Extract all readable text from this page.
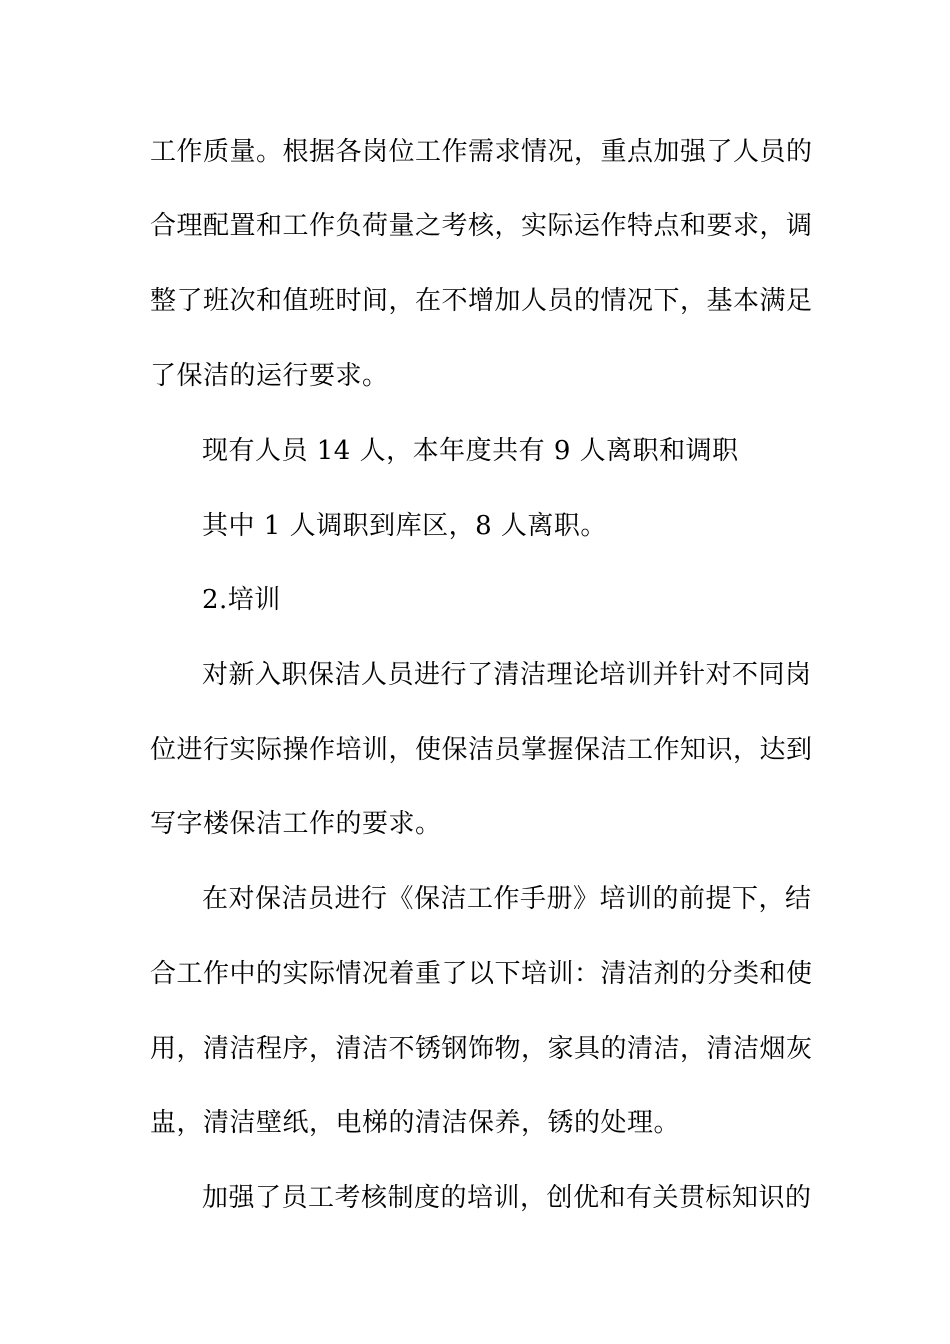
工作质量。根据各岗位工作需求情况，重点加强了人员的
合理配置和工作负荷量之考核，实际运作特点和要求，调
整了班次和值班时间，在不增加人员的情况下，基本满足
了保洁的运行要求。
现有人员 14 人，本年度共有 9 人离职和调职
其中 1 人调职到库区，8 人离职。
2.培训
对新入职保洁人员进行了清洁理论培训并针对不同岗
位进行实际操作培训，使保洁员掌握保洁工作知识，达到
写字楼保洁工作的要求。
在对保洁员进行《保洁工作手册》培训的前提下，结
合工作中的实际情况着重了以下培训：清洁剂的分类和使
用，清洁程序，清洁不锈钢饰物，家具的清洁，清洁烟灰
盅，清洁壁纸，电梯的清洁保养，锈的处理。
加强了员工考核制度的培训，创优和有关贯标知识的
